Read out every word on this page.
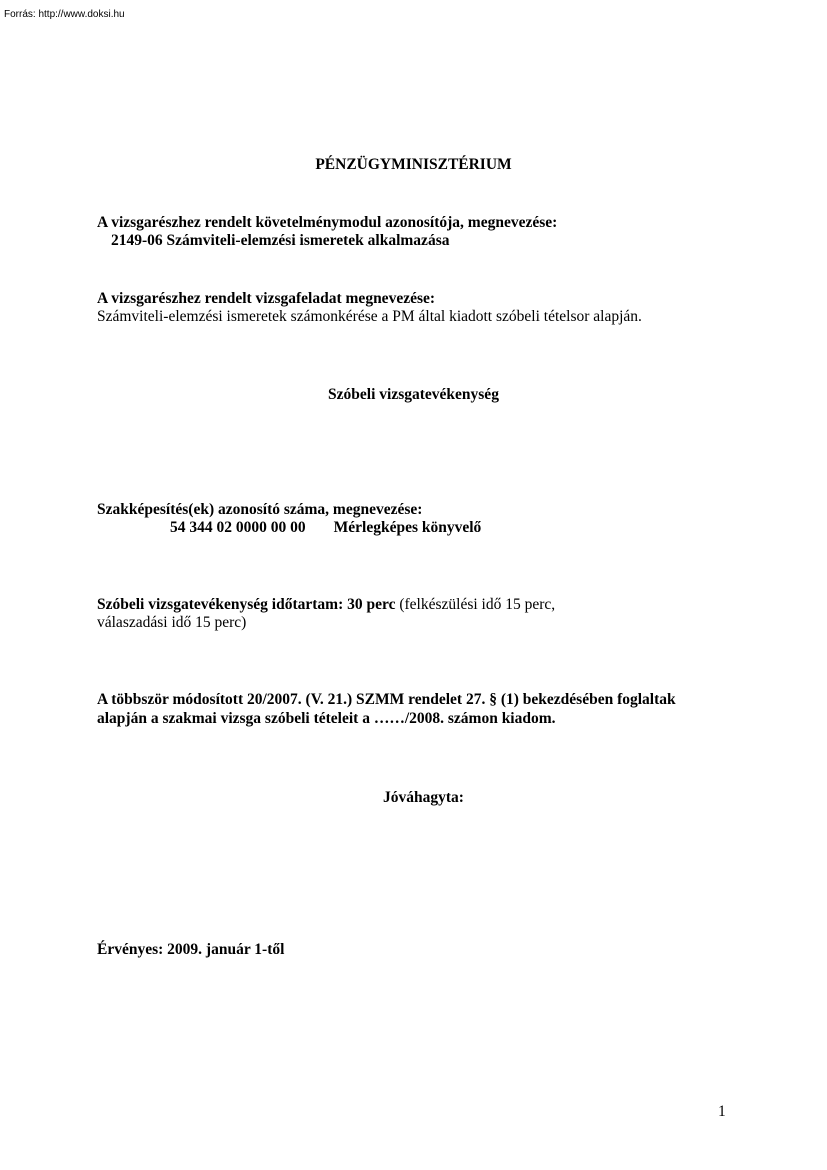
Forrás: http://www.doksi.hu
PÉNZÜGYMINISZTÉRIUM
A vizsgarészhez rendelt követelménymodul azonosítója, megnevezése:
2149-06 Számviteli-elemzési ismeretek alkalmazása
A vizsgarészhez rendelt vizsgafeladat megnevezése:
Számviteli-elemzési ismeretek számonkérése a PM által kiadott szóbeli tételsor alapján.
Szóbeli vizsgatevékenység
Szakképesítés(ek) azonosító száma, megnevezése:
54 344 02 0000 00 00 Mérlegképes könyvelő
Szóbeli vizsgatevékenység időtartam: 30 perc (felkészülési idő 15 perc,
válaszadási idő 15 perc)
A többször módosított 20/2007. (V. 21.) SZMM rendelet 27. § (1) bekezdésében foglaltak
alapján a szakmai vizsga szóbeli tételeit a ……/2008. számon kiadom.
Jóváhagyta:
Érvényes: 2009. január 1-től
1
